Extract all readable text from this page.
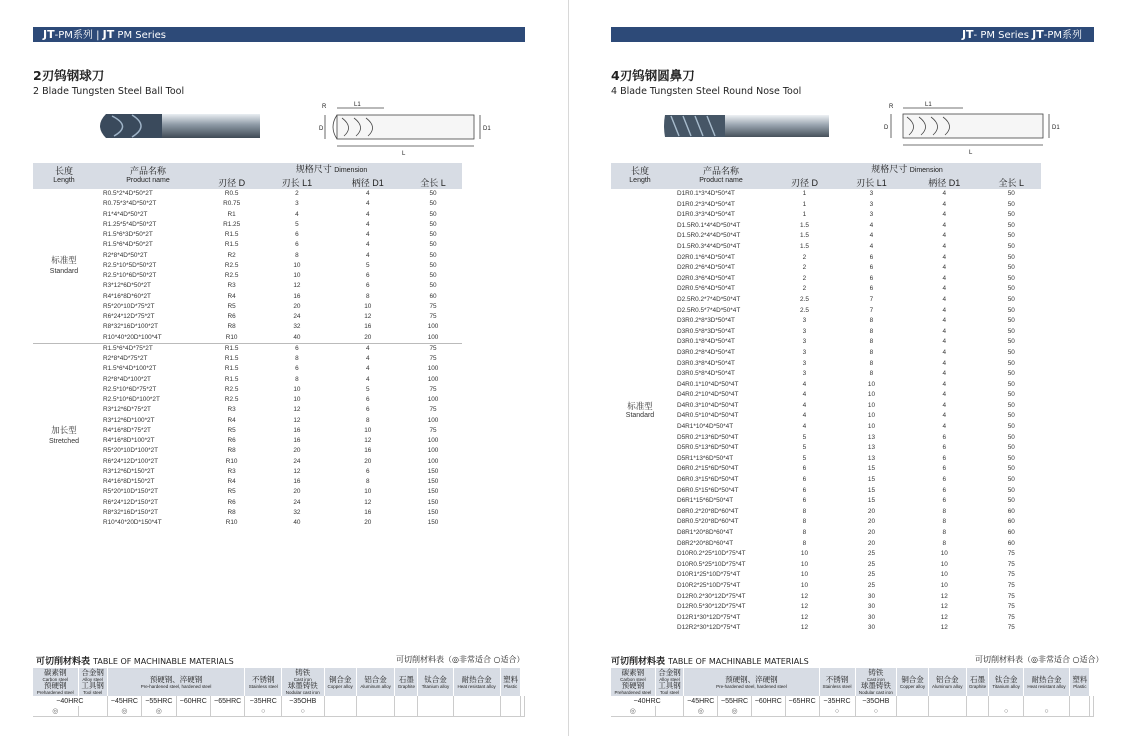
JT-PM系列 | JT PM Series
2刃钨钢球刀
2 Blade Tungsten Steel Ball Tool
R	L1
D	D1
L
长度
Length	产品名称
Product name	规格尺寸 Dimension			
		刃径 D	刃长 L1	柄径 D1	全长 L
标准型
Standard	R0.5*2*4D*50*2T	R0.5	2	4	50
	R0.75*3*4D*50*2T	R0.75	3	4	50
	R1*4*4D*50*2T	R1	4	4	50
	R1.25*5*4D*50*2T	R1.25	5	4	50
	R1.5*6*3D*50*2T	R1.5	6	4	50
	R1.5*6*4D*50*2T	R1.5	6	4	50
	R2*8*4D*50*2T	R2	8	4	50
	R2.5*10*5D*50*2T	R2.5	10	5	50
	R2.5*10*6D*50*2T	R2.5	10	6	50
	R3*12*6D*50*2T	R3	12	6	50
	R4*16*8D*60*2T	R4	16	8	60
	R5*20*10D*75*2T	R5	20	10	75
	R6*24*12D*75*2T	R6	24	12	75
	R8*32*16D*100*2T	R8	32	16	100
	R10*40*20D*100*4T	R10	40	20	100
加长型
Stretched	R1.5*6*4D*75*2T	R1.5	6	4	75
	R2*8*4D*75*2T	R1.5	8	4	75
	R1.5*6*4D*100*2T	R1.5	6	4	100
	R2*8*4D*100*2T	R1.5	8	4	100
	R2.5*10*6D*75*2T	R2.5	10	5	75
	R2.5*10*6D*100*2T	R2.5	10	6	100
	R3*12*6D*75*2T	R3	12	6	75
	R3*12*6D*100*2T	R4	12	8	100
	R4*16*8D*75*2T	R5	16	10	75
	R4*16*8D*100*2T	R6	16	12	100
	R5*20*10D*100*2T	R8	20	16	100
	R6*24*12D*100*2T	R10	24	20	100
	R3*12*6D*150*2T	R3	12	6	150
	R4*16*8D*150*2T	R4	16	8	150
	R5*20*10D*150*2T	R5	20	10	150
	R6*24*12D*150*2T	R6	24	12	150
	R8*32*16D*150*2T	R8	32	16	150
	R10*40*20D*150*4T	R10	40	20	150
可切削材料表 TABLE OF MACHINABLE MATERIALS	可切削材料表（◎非常适合 ○适合）
碳素钢
Carbon steel
预硬钢
Prehardened steel	合金钢
Alloy steel
工具钢
Tool steel	预硬钢、淬硬钢
Pre-hardened steel, hardened steel				不锈钢
Stainless steel	铸铁
Cast iron
球墨铸铁
Nodular cast iron	铜合金
Copper alloy	铝合金
Aluminum alloy	石墨
Graphite	钛合金
Titanium alloy	耐热合金
Heat resistant alloy	塑料
Plastic	

~40HRC		~45HRC	~55HRC	~60HRC	~65HRC	~35HRC	~35OHB							
◎		◎	◎			○	○							
JT- PM Series JT-PM系列
4刃钨钢圆鼻刀
4 Blade Tungsten Steel Round Nose Tool
R	L1
D	D1
L
长度
Length	产品名称
Product name	规格尺寸 Dimension			
		刃径 D	刃长 L1	柄径 D1	全长 L
标准型
Standard	D1R0.1*3*4D*50*4T	1	3	4	50
	D1R0.2*3*4D*50*4T	1	3	4	50
	D1R0.3*3*4D*50*4T	1	3	4	50
	D1.5R0.1*4*4D*50*4T	1.5	4	4	50
	D1.5R0.2*4*4D*50*4T	1.5	4	4	50
	D1.5R0.3*4*4D*50*4T	1.5	4	4	50
	D2R0.1*6*4D*50*4T	2	6	4	50
	D2R0.2*6*4D*50*4T	2	6	4	50
	D2R0.3*6*4D*50*4T	2	6	4	50
	D2R0.5*6*4D*50*4T	2	6	4	50
	D2.5R0.2*7*4D*50*4T	2.5	7	4	50
	D2.5R0.5*7*4D*50*4T	2.5	7	4	50
	D3R0.2*8*3D*50*4T	3	8	4	50
	D3R0.5*8*3D*50*4T	3	8	4	50
	D3R0.1*8*4D*50*4T	3	8	4	50
	D3R0.2*8*4D*50*4T	3	8	4	50
	D3R0.3*8*4D*50*4T	3	8	4	50
	D3R0.5*8*4D*50*4T	3	8	4	50
	D4R0.1*10*4D*50*4T	4	10	4	50
	D4R0.2*10*4D*50*4T	4	10	4	50
	D4R0.3*10*4D*50*4T	4	10	4	50
	D4R0.5*10*4D*50*4T	4	10	4	50
	D4R1*10*4D*50*4T	4	10	4	50
	D5R0.2*13*6D*50*4T	5	13	6	50
	D5R0.5*13*6D*50*4T	5	13	6	50
	D5R1*13*6D*50*4T	5	13	6	50
	D6R0.2*15*6D*50*4T	6	15	6	50
	D6R0.3*15*6D*50*4T	6	15	6	50
	D6R0.5*15*6D*50*4T	6	15	6	50
	D6R1*15*6D*50*4T	6	15	6	50
	D8R0.2*20*8D*60*4T	8	20	8	60
	D8R0.5*20*8D*60*4T	8	20	8	60
	D8R1*20*8D*60*4T	8	20	8	60
	D8R2*20*8D*60*4T	8	20	8	60
	D10R0.2*25*10D*75*4T	10	25	10	75
	D10R0.5*25*10D*75*4T	10	25	10	75
	D10R1*25*10D*75*4T	10	25	10	75
	D10R2*25*10D*75*4T	10	25	10	75
	D12R0.2*30*12D*75*4T	12	30	12	75
	D12R0.5*30*12D*75*4T	12	30	12	75
	D12R1*30*12D*75*4T	12	30	12	75
	D12R2*30*12D*75*4T	12	30	12	75
可切削材料表 TABLE OF MACHINABLE MATERIALS	可切削材料表（◎非常适合 ○适合）
碳素钢
Carbon steel
预硬钢
Prehardened steel	合金钢
Alloy steel
工具钢
Tool steel	预硬钢、淬硬钢
Pre-hardened steel, hardened steel				不锈钢
Stainless steel	铸铁
Cast iron
球墨铸铁
Nodular cast iron	铜合金
Copper alloy	铝合金
Aluminum alloy	石墨
Graphite	钛合金
Titanium alloy	耐热合金
Heat resistant alloy	塑料
Plastic	

~40HRC		~45HRC	~55HRC	~60HRC	~65HRC	~35HRC	~35OHB							
◎		◎	◎			○	○				○	○		
